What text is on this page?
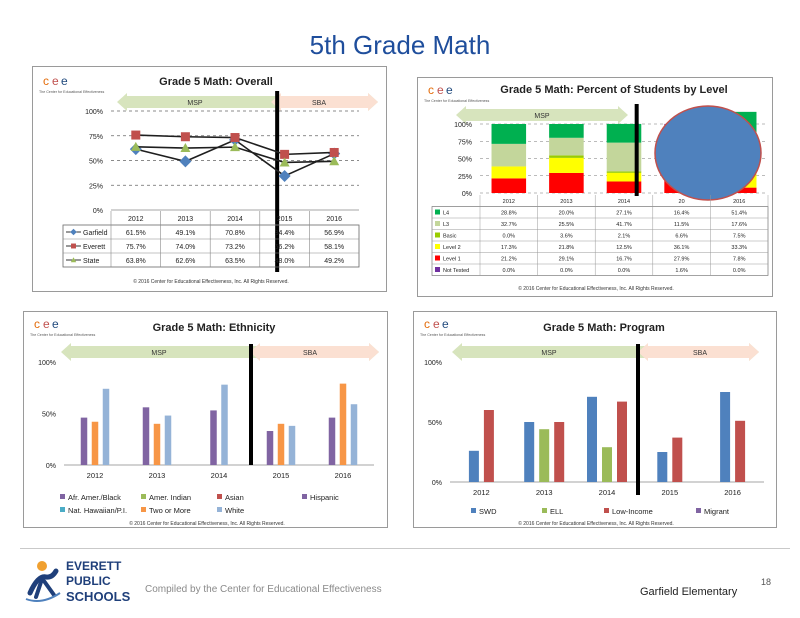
5th Grade Math
c e e
The Center for Educational Effectiveness
Grade 5 Math: Overall
MSP	SBA
0%
25%
50%
75%
100%
2012	2013	2014	2015	2016
Garfield	61.5%	49.1%	70.8%	34.4%	56.9%
Everett	75.7%	74.0%	73.2%	56.2%	58.1%
State	63.8%	62.6%	63.5%	48.0%	49.2%
© 2016 Center for Educational Effectiveness, Inc. All Rights Reserved.
c e e
The Center for Educational Effectiveness
Grade 5 Math: Percent of Students by Level
MSP
0%
25%
50%
75%
100%
2012	2013	2014	20	2016
L4	28.8%	20.0%	27.1%	16.4%	51.4%
L3	32.7%	25.5%	41.7%	11.5%	17.6%
Basic	0.0%	3.6%	2.1%	6.6%	7.5%
Level 2	17.3%	21.8%	12.5%	36.1%	33.3%
Level 1	21.2%	29.1%	16.7%	27.9%	7.8%
Not Tested	0.0%	0.0%	0.0%	1.6%	0.0%
© 2016 Center for Educational Effectiveness, Inc. All Rights Reserved.
c e e
The Center for Educational Effectiveness
Grade 5 Math: Ethnicity
MSP	SBA
0%
50%
100%
2012	2013	2014	2015	2016
Afr. Amer./Black	Amer. Indian	Asian	Hispanic
Nat. Hawaiian/P.I.	Two or More	White
© 2016 Center for Educational Effectiveness, Inc. All Rights Reserved.
c e e
The Center for Educational Effectiveness
Grade 5 Math: Program
MSP	SBA
0%
50%
100%
2012	2013	2014	2015	2016
SWD	ELL	Low-Income	Migrant
© 2016 Center for Educational Effectiveness, Inc. All Rights Reserved.
EVERETT
PUBLIC
SCHOOLS Compiled by the Center for Educational Effectiveness	Garfield Elementary
18
